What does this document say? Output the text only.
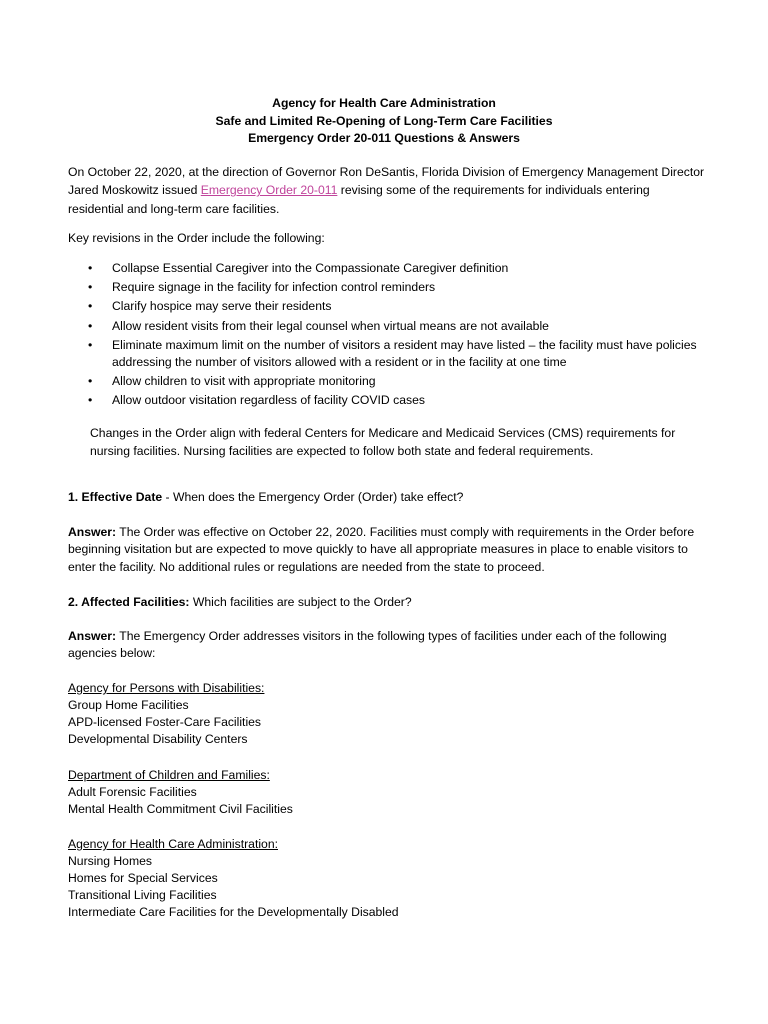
Agency for Health Care Administration
Safe and Limited Re-Opening of Long-Term Care Facilities
Emergency Order 20-011 Questions & Answers

On October 22, 2020, at the direction of Governor Ron DeSantis, Florida Division of Emergency Management Director Jared Moskowitz issued Emergency Order 20-011 revising some of the requirements for individuals entering residential and long-term care facilities.

Key revisions in the Order include the following:

• Collapse Essential Caregiver into the Compassionate Caregiver definition
• Require signage in the facility for infection control reminders
• Clarify hospice may serve their residents
• Allow resident visits from their legal counsel when virtual means are not available
• Eliminate maximum limit on the number of visitors a resident may have listed – the facility must have policies addressing the number of visitors allowed with a resident or in the facility at one time
• Allow children to visit with appropriate monitoring
• Allow outdoor visitation regardless of facility COVID cases

Changes in the Order align with federal Centers for Medicare and Medicaid Services (CMS) requirements for nursing facilities. Nursing facilities are expected to follow both state and federal requirements.

1. Effective Date - When does the Emergency Order (Order) take effect?

Answer: The Order was effective on October 22, 2020. Facilities must comply with requirements in the Order before beginning visitation but are expected to move quickly to have all appropriate measures in place to enable visitors to enter the facility. No additional rules or regulations are needed from the state to proceed.

2. Affected Facilities: Which facilities are subject to the Order?

Answer: The Emergency Order addresses visitors in the following types of facilities under each of the following agencies below:

Agency for Persons with Disabilities:
Group Home Facilities
APD-licensed Foster-Care Facilities
Developmental Disability Centers
Department of Children and Families:
Adult Forensic Facilities
Mental Health Commitment Civil Facilities
Agency for Health Care Administration:
Nursing Homes
Homes for Special Services
Transitional Living Facilities
Intermediate Care Facilities for the Developmentally Disabled
